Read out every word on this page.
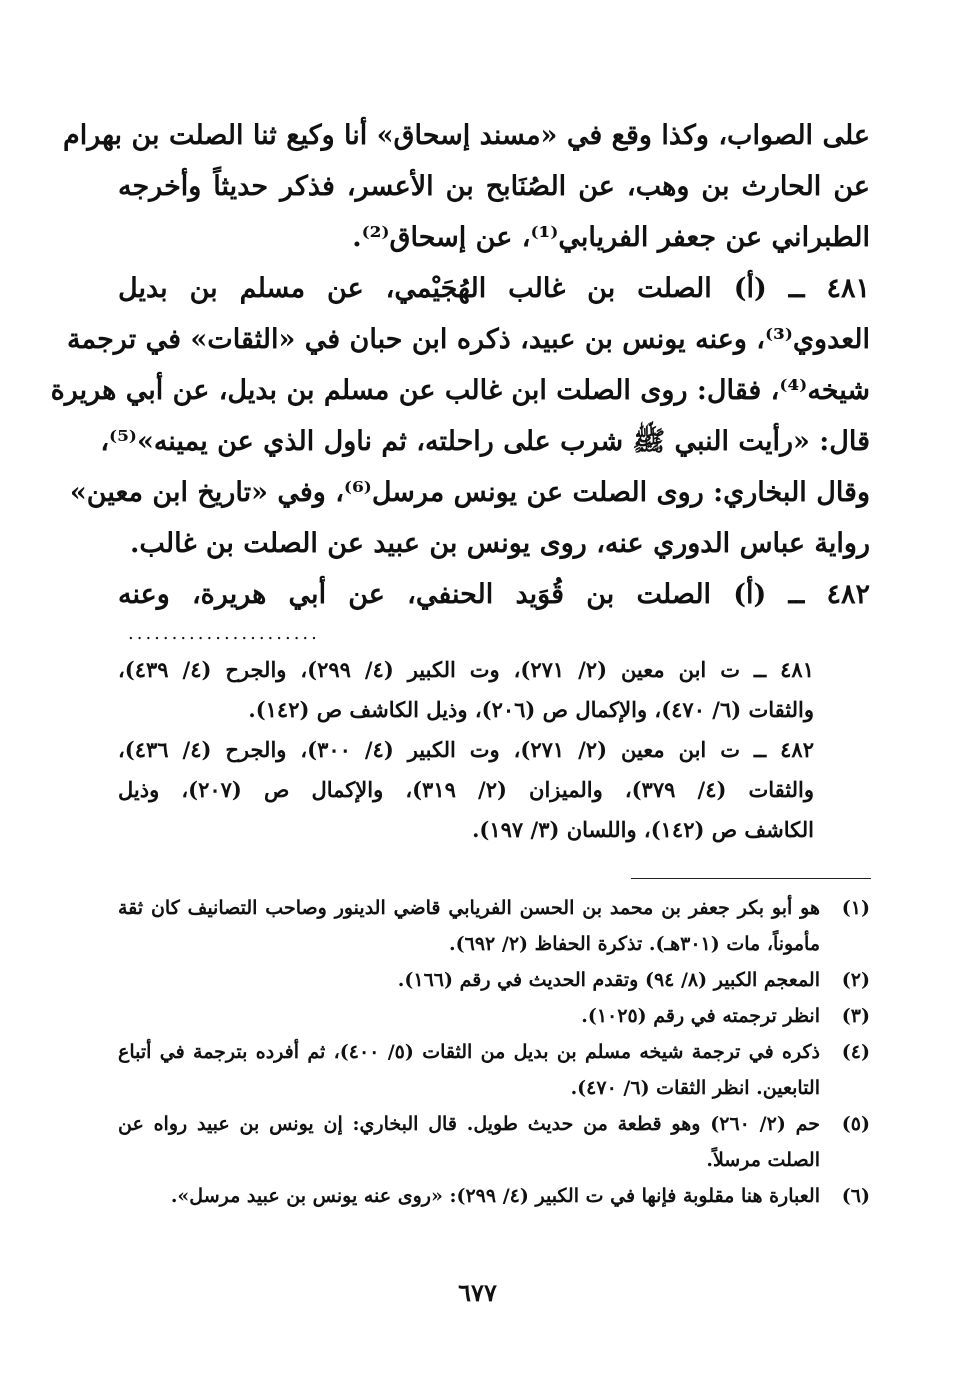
على الصواب، وكذا وقع في «مسند إسحاق» أنا وكيع ثنا الصلت بن بهرام
عن الحارث بن وهب، عن الصُنَابح بن الأعسر، فذكر حديثاً وأخرجه
الطبراني عن جعفر الفريابي⁽¹⁾، عن إسحاق⁽²⁾.
٤٨١ ــ (أ) الصلت بن غالب الهُجَيْمي، عن مسلم بن بديل
العدوي⁽³⁾، وعنه يونس بن عبيد، ذكره ابن حبان في «الثقات» في ترجمة
شيخه⁽⁴⁾، فقال: روى الصلت ابن غالب عن مسلم بن بديل، عن أبي هريرة
قال: «رأيت النبي ﷺ شرب على راحلته، ثم ناول الذي عن يمينه»⁽⁵⁾،
وقال البخاري: روى الصلت عن يونس مرسل⁽⁶⁾، وفي «تاريخ ابن معين»
رواية عباس الدوري عنه، روى يونس بن عبيد عن الصلت بن غالب.
٤٨٢ ــ (أ) الصلت بن قُوَيد الحنفي، عن أبي هريرة، وعنه
......................
٤٨١ ــ ت ابن معين (٢/ ٢٧١)، وت الكبير (٤/ ٢٩٩)، والجرح (٤/ ٤٣٩)،
والثقات (٦/ ٤٧٠)، والإكمال ص (٢٠٦)، وذيل الكاشف ص (١٤٢).
٤٨٢ ــ ت ابن معين (٢/ ٢٧١)، وت الكبير (٤/ ٣٠٠)، والجرح (٤/ ٤٣٦)،
والثقات (٤/ ٣٧٩)، والميزان (٢/ ٣١٩)، والإكمال ص (٢٠٧)، وذيل
الكاشف ص (١٤٢)، واللسان (٣/ ١٩٧).
(١)هو أبو بكر جعفر بن محمد بن الحسن الفريابي قاضي الدينور وصاحب التصانيف كان ثقة
مأموناً، مات (٣٠١هـ). تذكرة الحفاظ (٢/ ٦٩٢).
(٢)المعجم الكبير (٨/ ٩٤) وتقدم الحديث في رقم (١٦٦).
(٣)انظر ترجمته في رقم (١٠٢٥).
(٤)ذكره في ترجمة شيخه مسلم بن بديل من الثقات (٥/ ٤٠٠)، ثم أفرده بترجمة في أتباع
التابعين. انظر الثقات (٦/ ٤٧٠).
(٥)حم (٢/ ٢٦٠) وهو قطعة من حديث طويل. قال البخاري: إن يونس بن عبيد رواه عن
الصلت مرسلاً.
(٦)العبارة هنا مقلوبة فإنها في ت الكبير (٤/ ٢٩٩): «روى عنه يونس بن عبيد مرسل».
٦٧٧
